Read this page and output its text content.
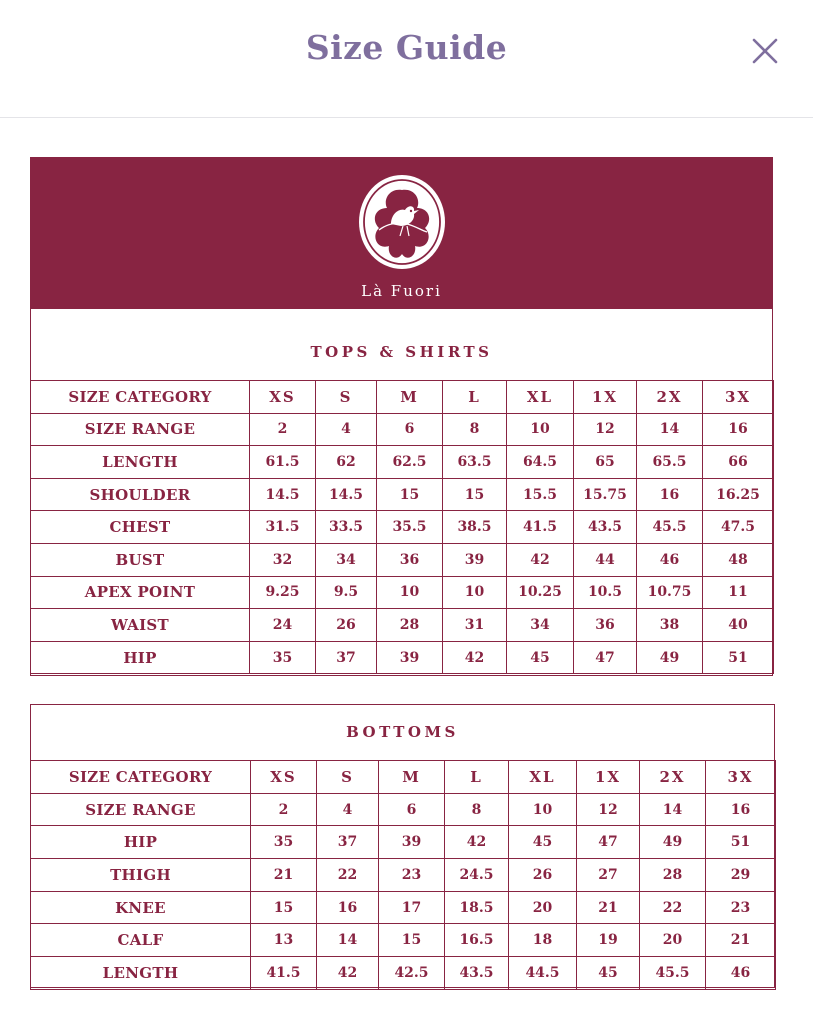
Size Guide
Là Fuori
TOPS & SHIRTS
SIZE CATEGORY	XS	S	M	L	XL	1X	2X	3X
SIZE RANGE	2	4	6	8	10	12	14	16
LENGTH	61.5	62	62.5	63.5	64.5	65	65.5	66
SHOULDER	14.5	14.5	15	15	15.5	15.75	16	16.25
CHEST	31.5	33.5	35.5	38.5	41.5	43.5	45.5	47.5
BUST	32	34	36	39	42	44	46	48
APEX POINT	9.25	9.5	10	10	10.25	10.5	10.75	11
WAIST	24	26	28	31	34	36	38	40
HIP	35	37	39	42	45	47	49	51
BOTTOMS
SIZE CATEGORY	XS	S	M	L	XL	1X	2X	3X
SIZE RANGE	2	4	6	8	10	12	14	16
HIP	35	37	39	42	45	47	49	51
THIGH	21	22	23	24.5	26	27	28	29
KNEE	15	16	17	18.5	20	21	22	23
CALF	13	14	15	16.5	18	19	20	21
LENGTH	41.5	42	42.5	43.5	44.5	45	45.5	46
